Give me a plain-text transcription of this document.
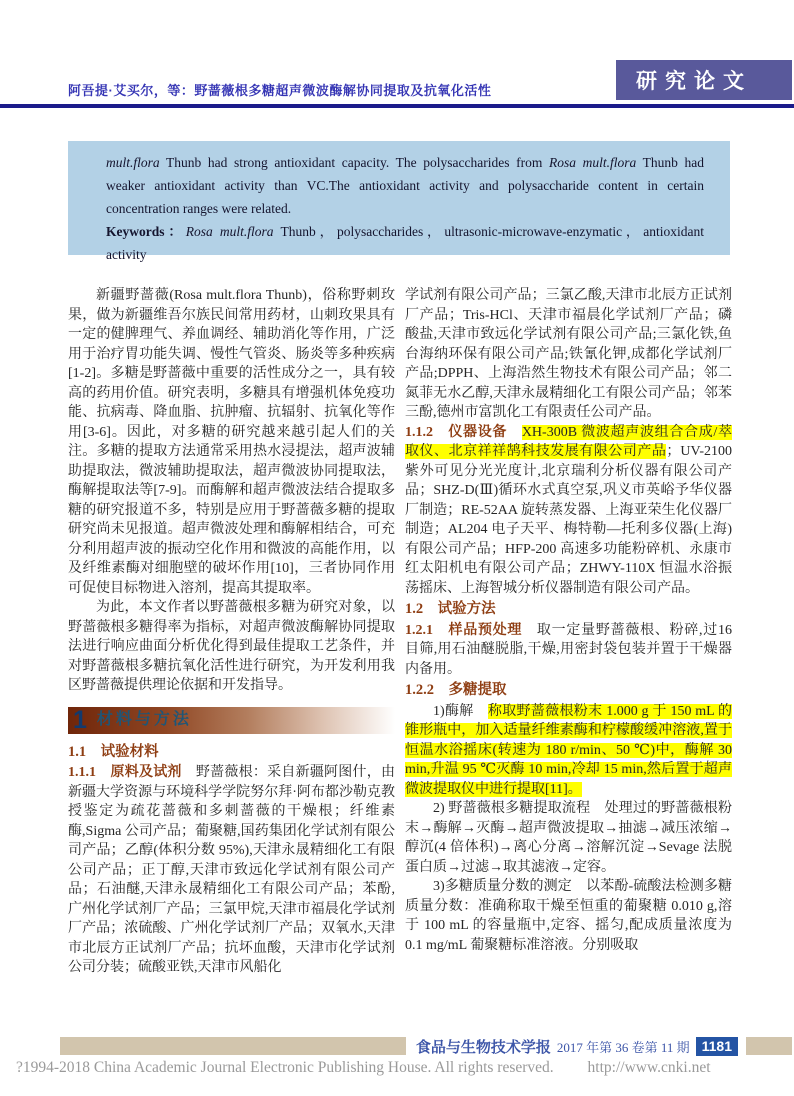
阿吾提·艾买尔，等：野蔷薇根多糖超声微波酶解协同提取及抗氧化活性	研究论文

mult.flora Thunb had strong antioxidant capacity. The polysaccharides from Rosa mult.flora Thunb had weaker antioxidant activity than VC.The antioxidant activity and polysaccharide content in certain concentration ranges were related.

Keywords：Rosa mult.flora Thunb，polysaccharides，ultrasonic-microwave-enzymatic，antioxidant activity

新疆野蔷薇(Rosa mult.flora Thunb)，俗称野刺玫果，做为新疆维吾尔族民间常用药材，山刺玫果具有一定的健脾理气、养血调经、辅助消化等作用，广泛用于治疗胃功能失调、慢性气管炎、肠炎等多种疾病[1-2]。多糖是野蔷薇中重要的活性成分之一，具有较高的药用价值。研究表明，多糖具有增强机体免疫功能、抗病毒、降血脂、抗肿瘤、抗辐射、抗氧化等作用[3-6]。因此，对多糖的研究越来越引起人们的关注。多糖的提取方法通常采用热水浸提法，超声波辅助提取法，微波辅助提取法，超声微波协同提取法，酶解提取法等[7-9]。而酶解和超声微波法结合提取多糖的研究报道不多，特别是应用于野蔷薇多糖的提取研究尚未见报道。超声微波处理和酶解相结合，可充分利用超声波的振动空化作用和微波的高能作用，以及纤维素酶对细胞壁的破坏作用[10]，三者协同作用可促使目标物进入溶剂，提高其提取率。

为此，本文作者以野蔷薇根多糖为研究对象，以野蔷薇根多糖得率为指标，对超声微波酶解协同提取法进行响应曲面分析优化得到最佳提取工艺条件，并对野蔷薇根多糖抗氧化活性进行研究，为开发利用我区野蔷薇提供理论依据和开发指导。

1 材料与方法

1.1　试验材料

1.1.1　原料及试剂　野蔷薇根：采自新疆阿图什，由新疆大学资源与环境科学学院努尔拜·阿布都沙勒克教授鉴定为疏花蔷薇和多刺蔷薇的干燥根；纤维素酶,Sigma 公司产品；葡聚糖,国药集团化学试剂有限公司产品；乙醇(体积分数 95%),天津永晟精细化工有限公司产品；正丁醇,天津市致远化学试剂有限公司产品；石油醚,天津永晟精细化工有限公司产品；苯酚,广州化学试剂厂产品；三氯甲烷,天津市福晨化学试剂厂产品；浓硫酸、广州化学试剂厂产品；双氧水,天津市北辰方正试剂厂产品；抗坏血酸，天津市化学试剂公司分装；硫酸亚铁,天津市风船化

学试剂有限公司产品；三氯乙酸,天津市北辰方正试剂厂产品；Tris-HCl、天津市福晨化学试剂厂产品；磷酸盐,天津市致远化学试剂有限公司产品;三氯化铁,鱼台海纳环保有限公司产品;铁氰化钾,成都化学试剂厂产品;DPPH、上海浩然生物技术有限公司产品；邻二氮菲无水乙醇,天津永晟精细化工有限公司产品；邻苯三酚,德州市富凯化工有限责任公司产品。

1.1.2　仪器设备　XH-300B 微波超声波组合合成/萃取仪、北京祥祥鹄科技发展有限公司产品；UV-2100 紫外可见分光光度计,北京瑞利分析仪器有限公司产品；SHZ-D(Ⅲ)循环水式真空泵,巩义市英峪予华仪器厂制造；RE-52AA 旋转蒸发器、上海亚荣生化仪器厂制造；AL204 电子天平、梅特勒—托利多仪器(上海)有限公司产品；HFP-200 高速多功能粉碎机、永康市红太阳机电有限公司产品；ZHWY-110X 恒温水浴振荡摇床、上海智城分析仪器制造有限公司产品。

1.2　试验方法

1.2.1　样品预处理　取一定量野蔷薇根、粉碎,过16 目筛,用石油醚脱脂,干燥,用密封袋包装并置于干燥器内备用。

1.2.2　多糖提取

1)酶解　称取野蔷薇根粉末 1.000 g 于 150 mL 的锥形瓶中，加入适量纤维素酶和柠檬酸缓冲溶液,置于恒温水浴摇床(转速为 180 r/min、50 ℃)中，酶解 30 min,升温 95 ℃灭酶 10 min,冷却 15 min,然后置于超声微波提取仪中进行提取[11]。

2) 野蔷薇根多糖提取流程　处理过的野蔷薇根粉末→酶解→灭酶→超声微波提取→抽滤→减压浓缩→醇沉(4 倍体积)→离心分离→溶解沉淀→Sevage 法脱蛋白质→过滤→取其滤液→定容。

3)多糖质量分数的测定　以苯酚-硫酸法检测多糖质量分数：准确称取干燥至恒重的葡聚糖 0.010 g,溶于 100 mL 的容量瓶中,定容、摇匀,配成质量浓度为 0.1 mg/mL 葡聚糖标准溶液。分别吸取

食品与生物技术学报 2017 年第 36 卷第 11 期 1181
?1994-2018 China Academic Journal Electronic Publishing House. All rights reserved. http://www.cnki.net
